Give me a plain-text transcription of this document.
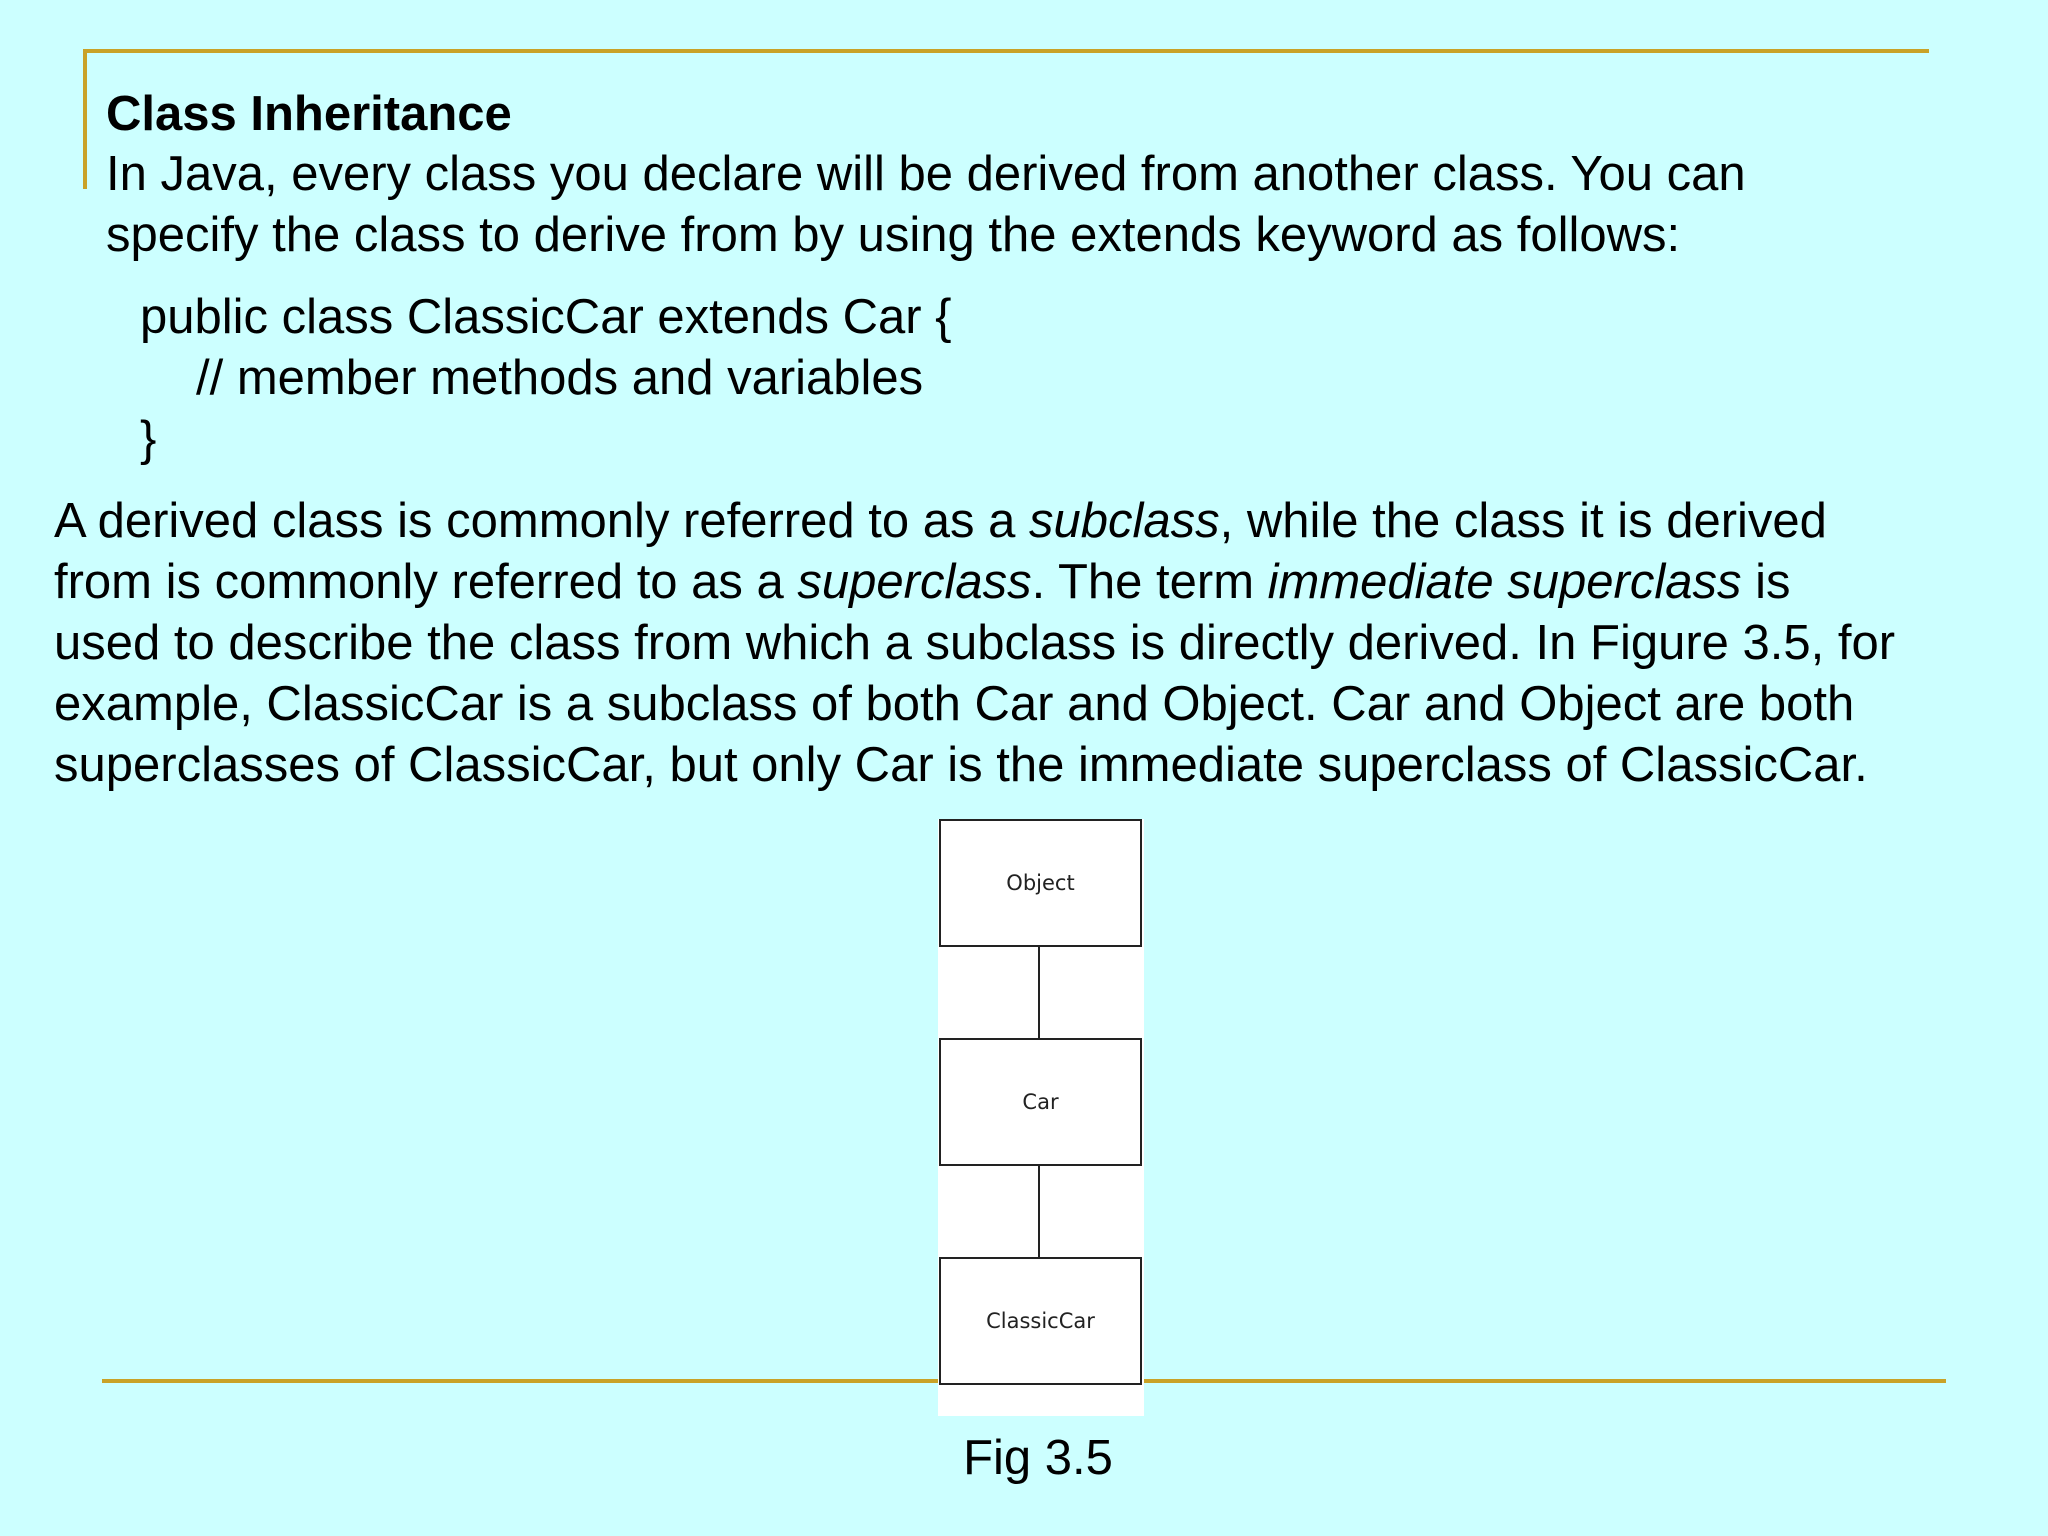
Class Inheritance
In Java, every class you declare will be derived from another class. You can
specify the class to derive from by using the extends keyword as follows:
public class ClassicCar extends Car {
// member methods and variables
}
A derived class is commonly referred to as a subclass, while the class it is derived
from is commonly referred to as a superclass. The term immediate superclass is
used to describe the class from which a subclass is directly derived. In Figure 3.5, for
example, ClassicCar is a subclass of both Car and Object. Car and Object are both
superclasses of ClassicCar, but only Car is the immediate superclass of ClassicCar.
Object
Car
ClassicCar
Fig 3.5
